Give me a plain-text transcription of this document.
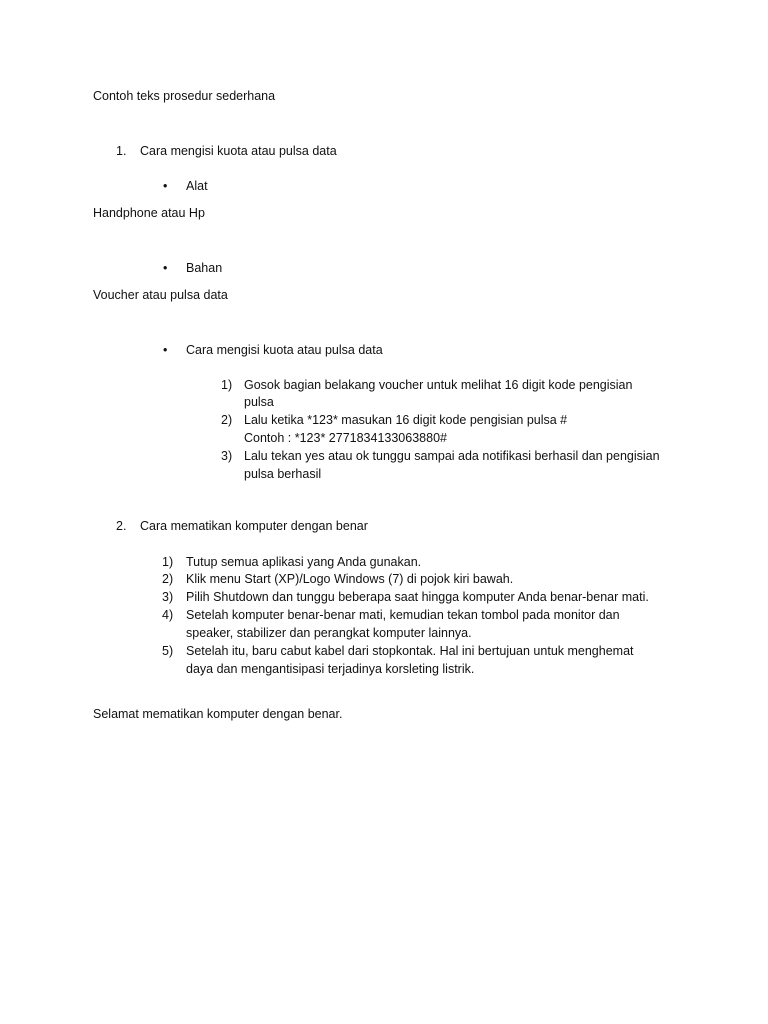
Contoh teks prosedur sederhana
1. Cara mengisi kuota atau pulsa data
• Alat
Handphone atau Hp
• Bahan
Voucher atau pulsa data
• Cara mengisi kuota atau pulsa data
1) Gosok bagian belakang voucher untuk melihat 16 digit kode pengisian
pulsa
2) Lalu ketika *123* masukan 16 digit kode pengisian pulsa #
Contoh : *123* 2771834133063880#
3) Lalu tekan yes atau ok tunggu sampai ada notifikasi berhasil dan pengisian
pulsa berhasil
2. Cara mematikan komputer dengan benar
1) Tutup semua aplikasi yang Anda gunakan.
2) Klik menu Start (XP)/Logo Windows (7) di pojok kiri bawah.
3) Pilih Shutdown dan tunggu beberapa saat hingga komputer Anda benar-benar mati.
4) Setelah komputer benar-benar mati, kemudian tekan tombol pada monitor dan
speaker, stabilizer dan perangkat komputer lainnya.
5) Setelah itu, baru cabut kabel dari stopkontak. Hal ini bertujuan untuk menghemat
daya dan mengantisipasi terjadinya korsleting listrik.
Selamat mematikan komputer dengan benar.
